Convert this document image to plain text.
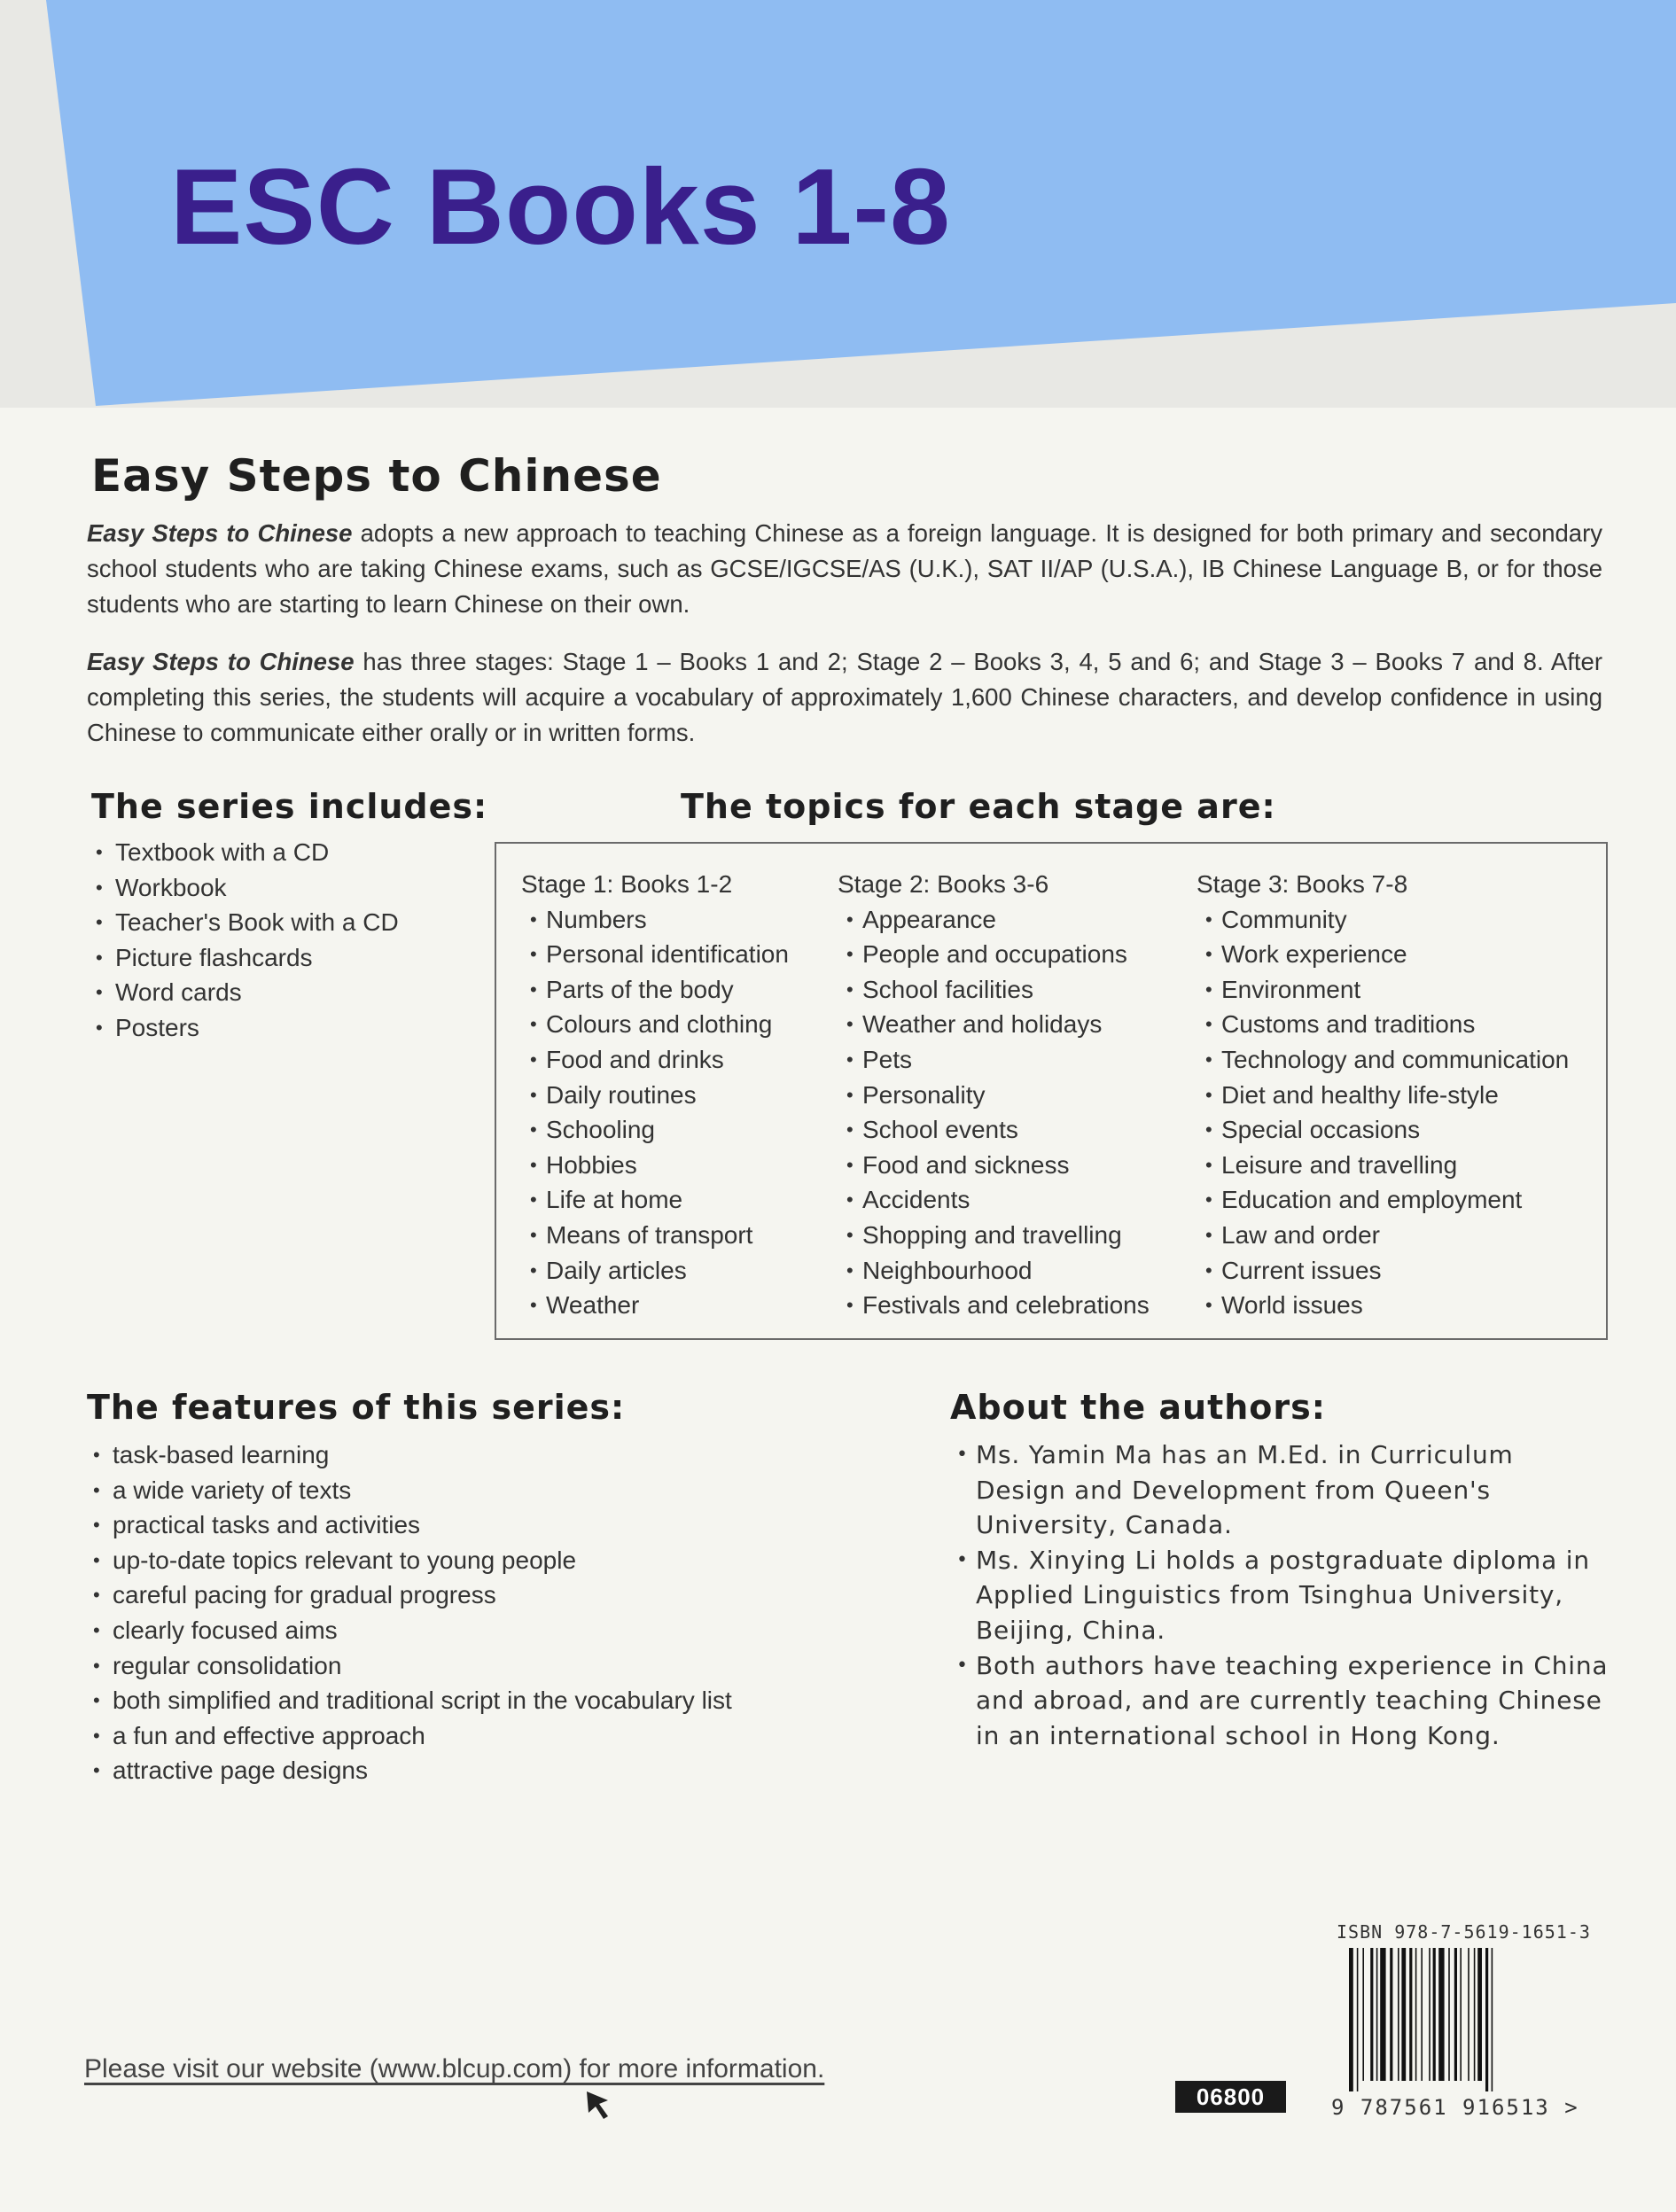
ESC Books 1-8
Easy Steps to Chinese

Easy Steps to Chinese adopts a new approach to teaching Chinese as a foreign language. It is designed for both primary and secondary school students who are taking Chinese exams, such as GCSE/IGCSE/AS (U.K.), SAT II/AP (U.S.A.), IB Chinese Language B, or for those students who are starting to learn Chinese on their own.

Easy Steps to Chinese has three stages: Stage 1 – Books 1 and 2; Stage 2 – Books 3, 4, 5 and 6; and Stage 3 – Books 7 and 8. After completing this series, the students will acquire a vocabulary of approximately 1,600 Chinese characters, and develop confidence in using Chinese to communicate either orally or in written forms.

The series includes:
• Textbook with a CD
• Workbook
• Teacher's Book with a CD
• Picture flashcards
• Word cards
• Posters
The topics for each stage are:
Stage 1: Books 1-2
• Numbers
• Personal identification
• Parts of the body
• Colours and clothing
• Food and drinks
• Daily routines
• Schooling
• Hobbies
• Life at home
• Means of transport
• Daily articles
• Weather
Stage 2: Books 3-6
• Appearance
• People and occupations
• School facilities
• Weather and holidays
• Pets
• Personality
• School events
• Food and sickness
• Accidents
• Shopping and travelling
• Neighbourhood
• Festivals and celebrations
Stage 3: Books 7-8
• Community
• Work experience
• Environment
• Customs and traditions
• Technology and communication
• Diet and healthy life-style
• Special occasions
• Leisure and travelling
• Education and employment
• Law and order
• Current issues
• World issues
The features of this series:
• task-based learning
• a wide variety of texts
• practical tasks and activities
• up-to-date topics relevant to young people
• careful pacing for gradual progress
• clearly focused aims
• regular consolidation
• both simplified and traditional script in the vocabulary list
• a fun and effective approach
• attractive page designs
About the authors:
• Ms. Yamin Ma has an M.Ed. in Curriculum Design and Development from Queen's University, Canada.
• Ms. Xinying Li holds a postgraduate diploma in Applied Linguistics from Tsinghua University, Beijing, China.
• Both authors have teaching experience in China and abroad, and are currently teaching Chinese in an international school in Hong Kong.

Please visit our website (www.blcup.com) for more information.

06800

ISBN 978-7-5619-1651-3

9 787561 916513 >
